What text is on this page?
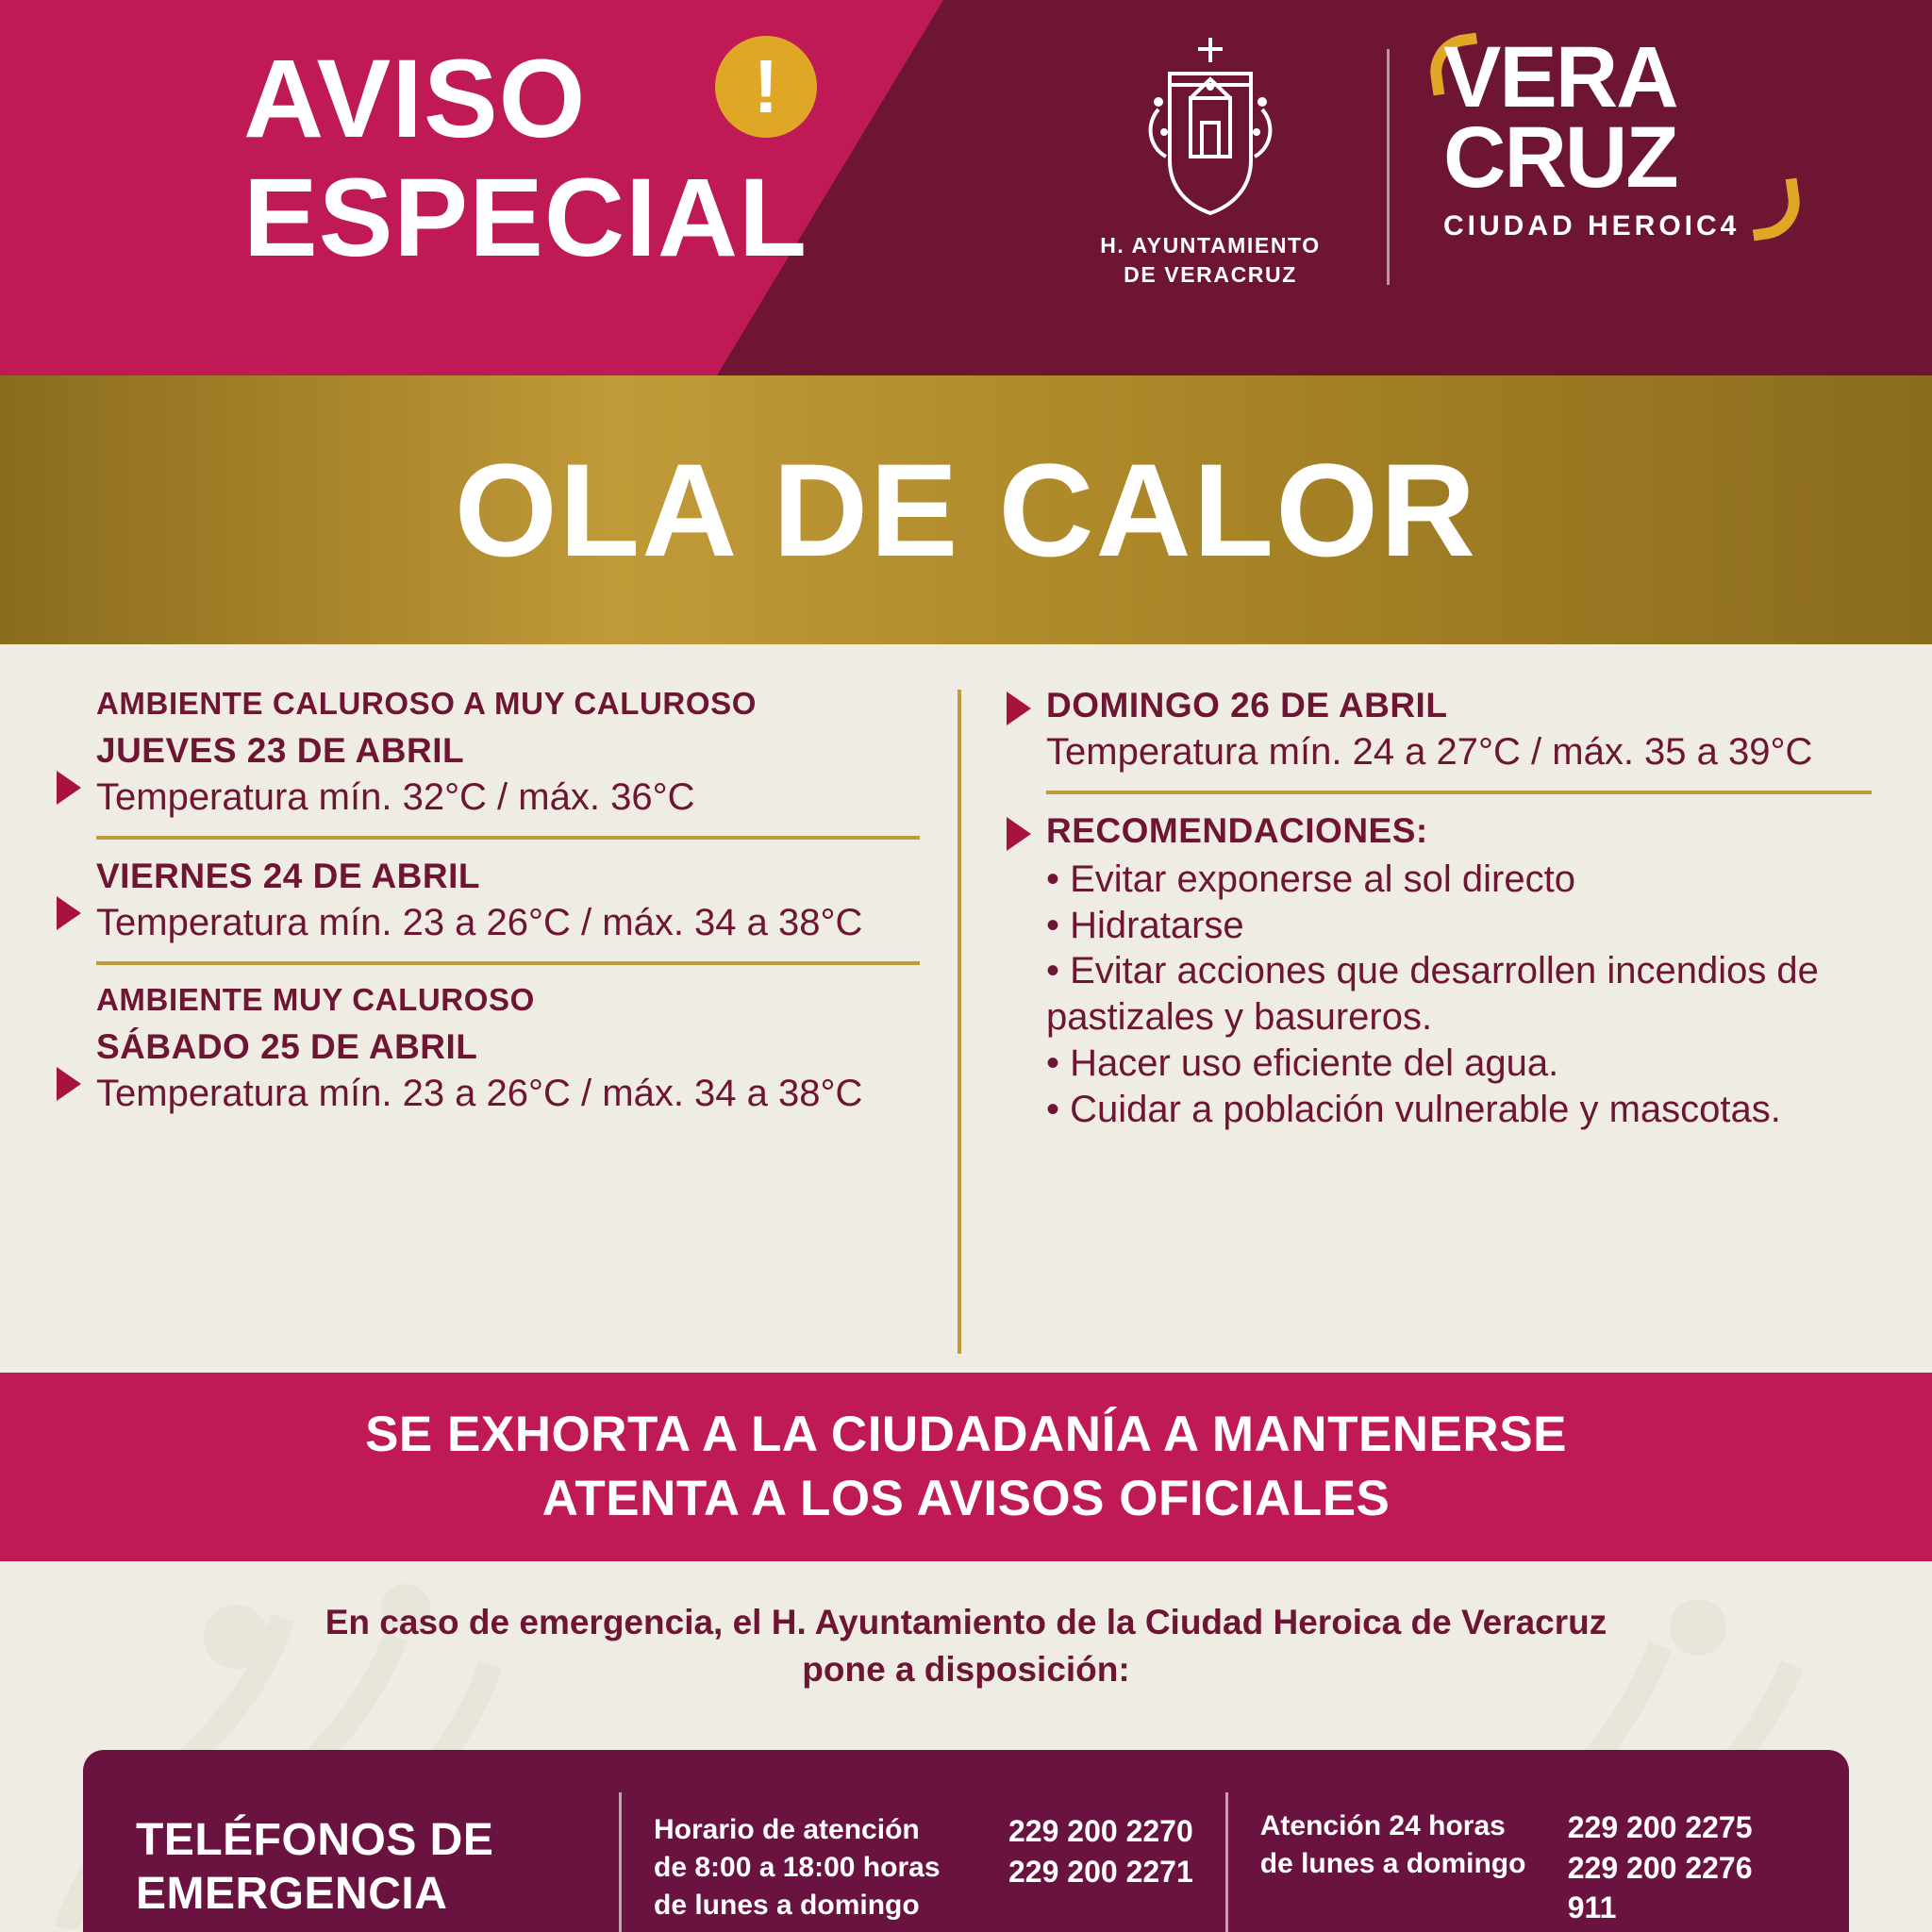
AVISO
ESPECIAL
!
H. AYUNTAMIENTO
DE VERACRUZ
VERA
CRUZ
CIUDAD HEROIC4
OLA DE CALOR
AMBIENTE CALUROSO A MUY CALUROSO
JUEVES 23 DE ABRIL
Temperatura mín. 32°C / máx. 36°C
VIERNES 24 DE ABRIL
Temperatura mín. 23 a 26°C / máx. 34 a 38°C
AMBIENTE MUY CALUROSO
SÁBADO 25 DE ABRIL
Temperatura mín. 23 a 26°C / máx. 34 a 38°C
DOMINGO 26 DE ABRIL
Temperatura mín. 24 a 27°C / máx. 35 a 39°C
RECOMENDACIONES:
• Evitar exponerse al sol directo
• Hidratarse
• Evitar acciones que desarrollen incendios de pastizales y basureros.
• Hacer uso eficiente del agua.
• Cuidar a población vulnerable y mascotas.
SE EXHORTA A LA CIUDADANÍA A MANTENERSE
ATENTA A LOS AVISOS OFICIALES
En caso de emergencia, el H. Ayuntamiento de la Ciudad Heroica de Veracruz
pone a disposición:
TELÉFONOS DE
EMERGENCIA
Horario de atención
de 8:00 a 18:00 horas
de lunes a domingo
229 200 2270
229 200 2271
Atención 24 horas
de lunes a domingo
229 200 2275
229 200 2276
911
